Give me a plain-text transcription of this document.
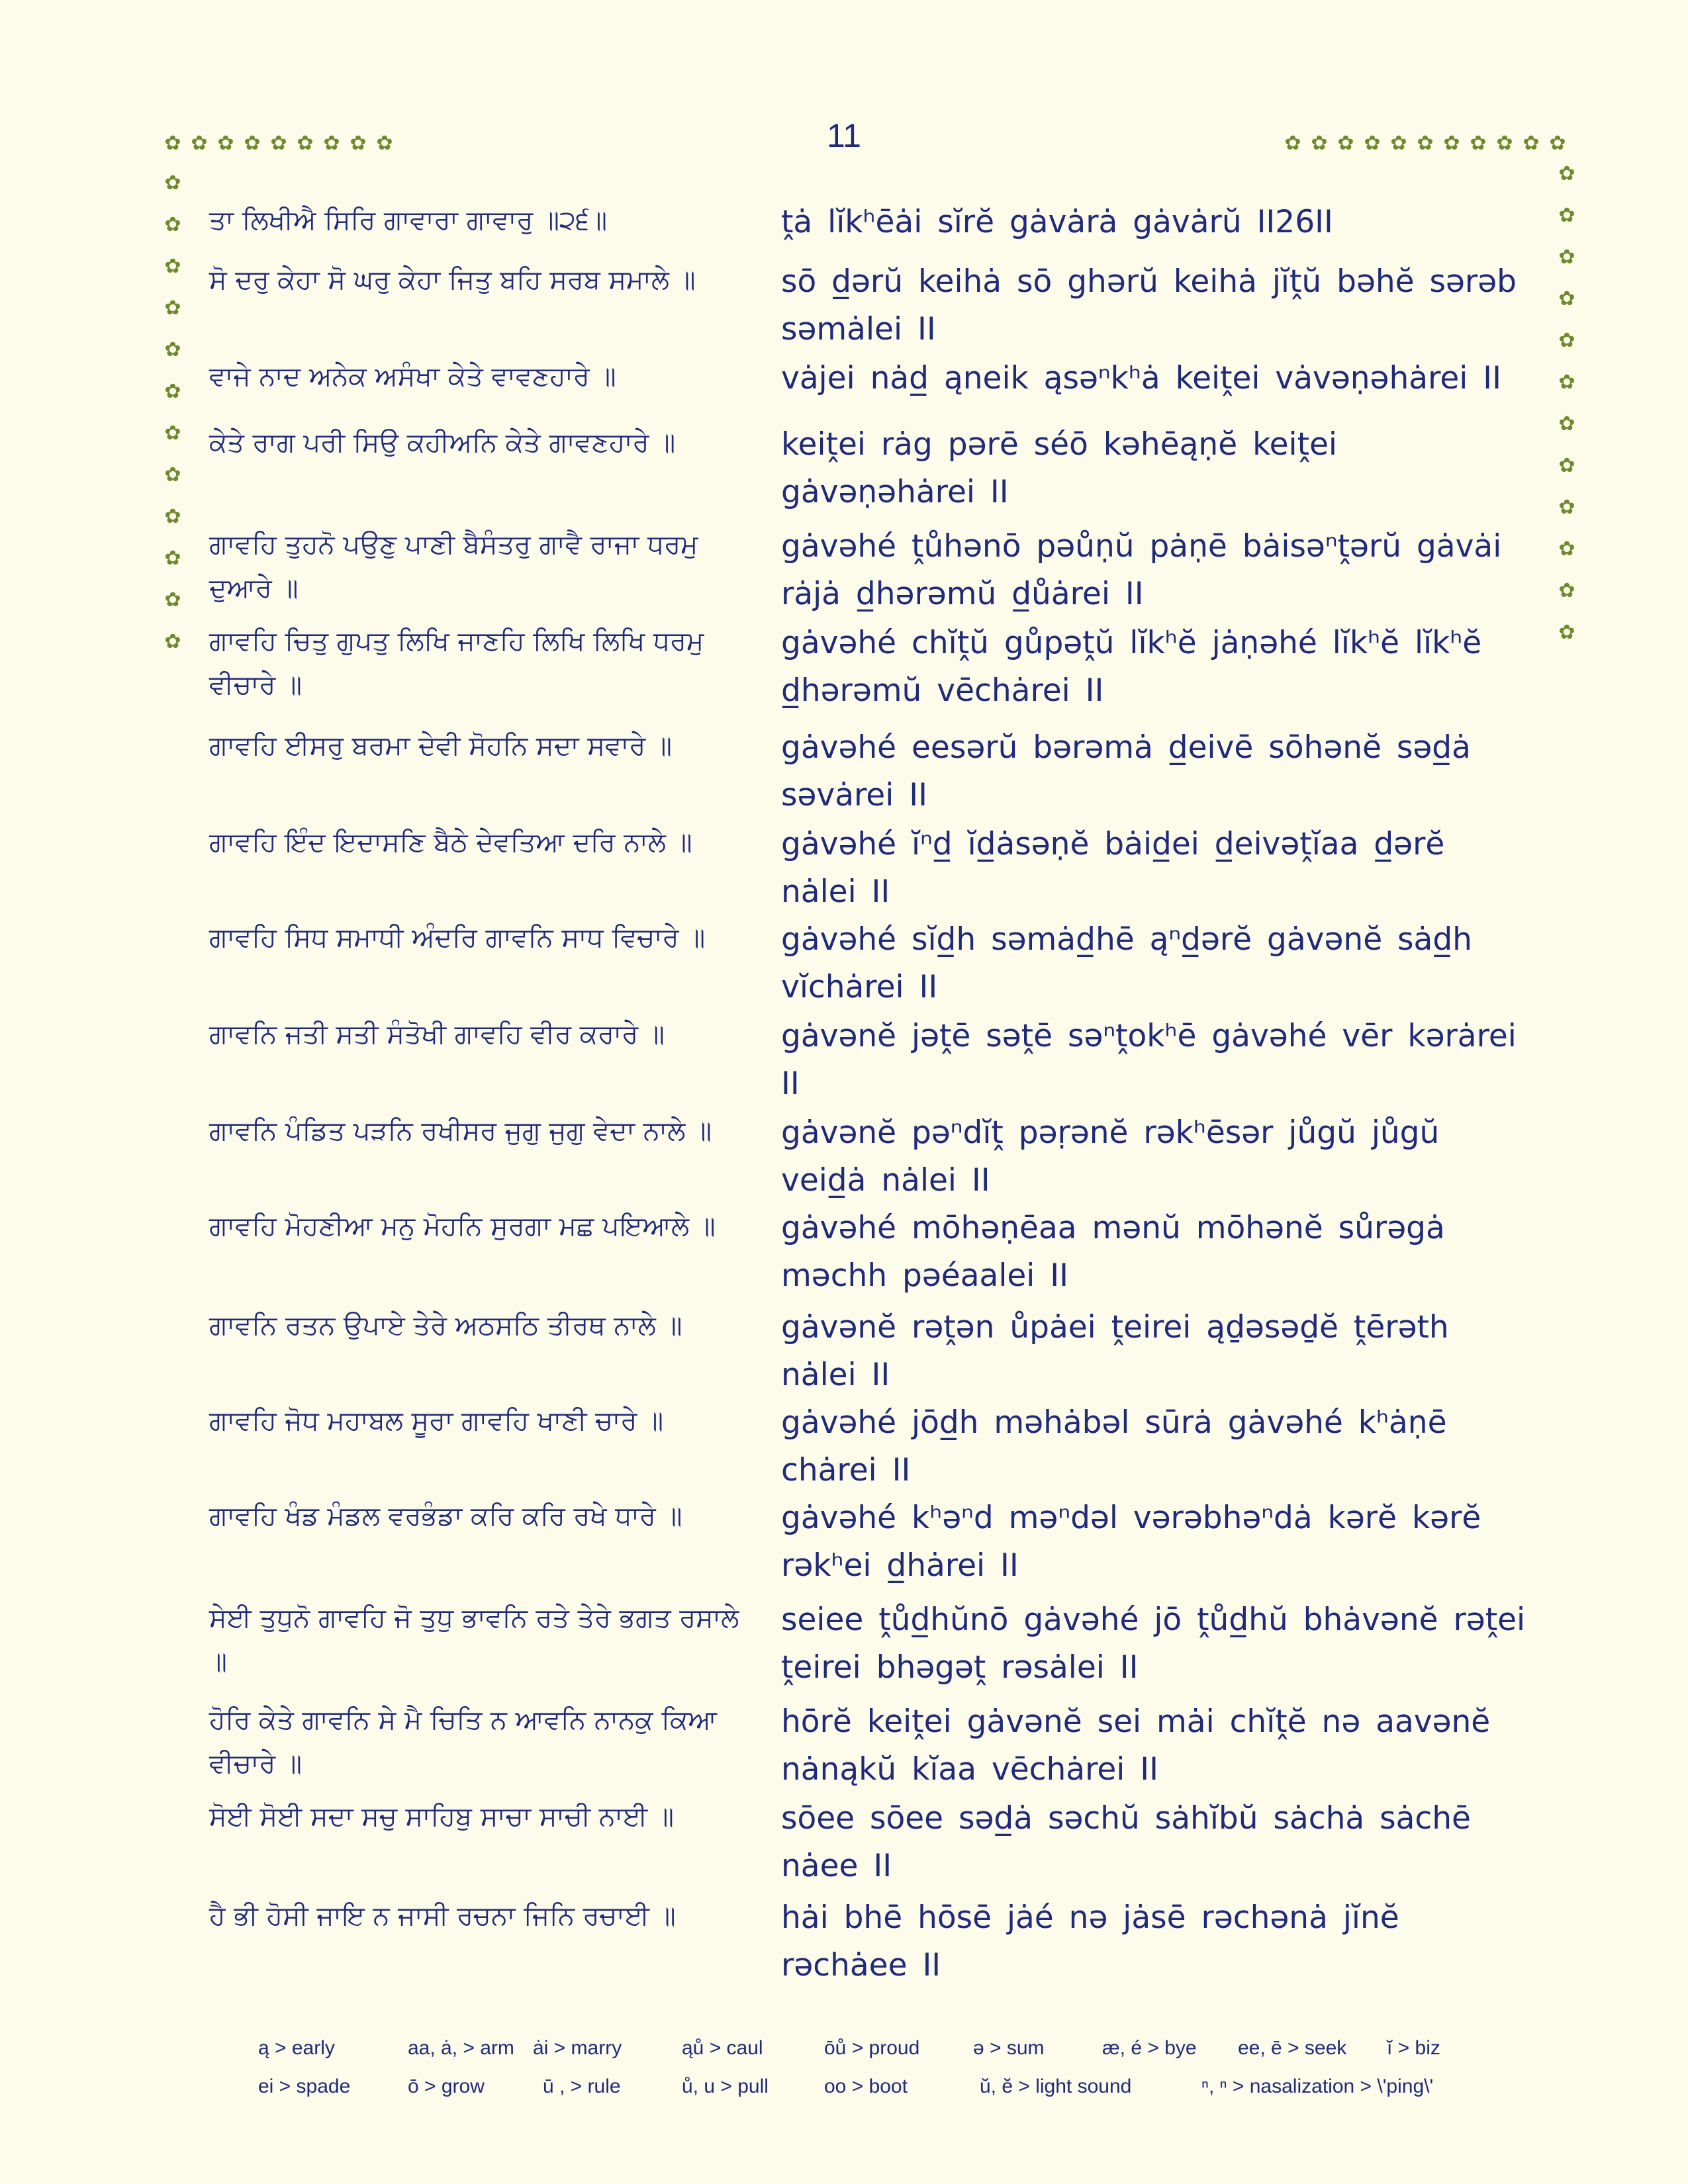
11
✿ ✿ ✿ ✿ ✿ ✿ ✿ ✿ ✿	✿ ✿ ✿ ✿ ✿ ✿ ✿ ✿ ✿ ✿ ✿
✿
✿
✿
✿
✿
✿
✿
✿
✿
✿
✿
✿
✿
✿
✿
✿
✿
✿
✿
✿
✿
✿
✿
✿
ਤਾ ਲਿਖੀਐ ਸਿਰਿ ਗਾਵਾਰਾ ਗਾਵਾਰੁ ॥੨੬॥	ṱȧ lĭkʰēȧi sĭrĕ gȧvȧrȧ gȧvȧrŭ II26II
ਸੋ ਦਰੁ ਕੇਹਾ ਸੋ ਘਰੁ ਕੇਹਾ ਜਿਤੁ ਬਹਿ ਸਰਬ ਸਮਾਲੇ ॥	sō d̲ərŭ keihȧ sō ghərŭ keihȧ jĭṱŭ bəhĕ sərəb səmȧlei II
ਵਾਜੇ ਨਾਦ ਅਨੇਕ ਅਸੰਖਾ ਕੇਤੇ ਵਾਵਣਹਾਰੇ ॥	vȧjei nȧd̲ ąneik ąsəⁿkʰȧ keiṱei vȧvəṇəhȧrei II
ਕੇਤੇ ਰਾਗ ਪਰੀ ਸਿਉ ਕਹੀਅਨਿ ਕੇਤੇ ਗਾਵਣਹਾਰੇ ॥	keiṱei rȧg pərē séō kəhēąṇĕ keiṱei gȧvəṇəhȧrei II
ਗਾਵਹਿ ਤੁਹਨੋ ਪਉਣੁ ਪਾਣੀ ਬੈਸੰਤਰੁ ਗਾਵੈ ਰਾਜਾ ਧਰਮੁ ਦੁਆਰੇ ॥
gȧvəhé ṱůhənō pəůṇŭ pȧṇē bȧisəⁿṱərŭ gȧvȧi rȧjȧ d̲hərəmŭ d̲ůȧrei II
ਗਾਵਹਿ ਚਿਤੁ ਗੁਪਤੁ ਲਿਖਿ ਜਾਣਹਿ ਲਿਖਿ ਲਿਖਿ ਧਰਮੁ ਵੀਚਾਰੇ ॥
gȧvəhé chĭṱŭ gůpəṱŭ lĭkʰĕ jȧṇəhé lĭkʰĕ lĭkʰĕ d̲hərəmŭ vēchȧrei II
ਗਾਵਹਿ ਈਸਰੁ ਬਰਮਾ ਦੇਵੀ ਸੋਹਨਿ ਸਦਾ ਸਵਾਰੇ ॥	gȧvəhé eesərŭ bərəmȧ d̲eivē sōhənĕ səd̲ȧ səvȧrei II
ਗਾਵਹਿ ਇੰਦ ਇਦਾਸਣਿ ਬੈਠੇ ਦੇਵਤਿਆ ਦਰਿ ਨਾਲੇ ॥	gȧvəhé ĭⁿd̲ ĭd̲ȧsəṇĕ bȧid̲ei d̲eivəṱĭaa d̲ərĕ nȧlei II
ਗਾਵਹਿ ਸਿਧ ਸਮਾਧੀ ਅੰਦਰਿ ਗਾਵਨਿ ਸਾਧ ਵਿਚਾਰੇ ॥	gȧvəhé sĭd̲h səmȧd̲hē ąⁿd̲ərĕ gȧvənĕ sȧd̲h vĭchȧrei II
ਗਾਵਨਿ ਜਤੀ ਸਤੀ ਸੰਤੋਖੀ ਗਾਵਹਿ ਵੀਰ ਕਰਾਰੇ ॥	gȧvənĕ jəṱē səṱē səⁿṱokʰē gȧvəhé vēr kərȧrei II
ਗਾਵਨਿ ਪੰਡਿਤ ਪੜਨਿ ਰਖੀਸਰ ਜੁਗੁ ਜੁਗੁ ਵੇਦਾ ਨਾਲੇ ॥	gȧvənĕ pəⁿdĭṱ pəṛənĕ rəkʰēsər jůgŭ jůgŭ veid̲ȧ nȧlei II
ਗਾਵਹਿ ਮੋਹਣੀਆ ਮਨੁ ਮੋਹਨਿ ਸੁਰਗਾ ਮਛ ਪਇਆਲੇ ॥	gȧvəhé mōhəṇēaa mənŭ mōhənĕ sůrəgȧ məchh pəéaalei II
ਗਾਵਨਿ ਰਤਨ ਉਪਾਏ ਤੇਰੇ ਅਠਸਠਿ ਤੀਰਥ ਨਾਲੇ ॥	gȧvənĕ rəṱən ůpȧei ṱeirei ąḏəsəḏĕ ṱērəth nȧlei II
ਗਾਵਹਿ ਜੋਧ ਮਹਾਬਲ ਸੂਰਾ ਗਾਵਹਿ ਖਾਣੀ ਚਾਰੇ ॥	gȧvəhé jōd̲h məhȧbəl sūrȧ gȧvəhé kʰȧṇē chȧrei II
ਗਾਵਹਿ ਖੰਡ ਮੰਡਲ ਵਰਭੰਡਾ ਕਰਿ ਕਰਿ ਰਖੇ ਧਾਰੇ ॥	gȧvəhé kʰəⁿd məⁿdəl vərəbhəⁿdȧ kərĕ kərĕ rəkʰei d̲hȧrei II
ਸੇਈ ਤੁਧੁਨੋ ਗਾਵਹਿ ਜੋ ਤੁਧੁ ਭਾਵਨਿ ਰਤੇ ਤੇਰੇ ਭਗਤ ਰਸਾਲੇ ॥
seiee ṱůd̲hŭnō gȧvəhé jō ṱůd̲hŭ bhȧvənĕ rəṱei ṱeirei bhəgəṱ rəsȧlei II
ਹੋਰਿ ਕੇਤੇ ਗਾਵਨਿ ਸੇ ਮੈ ਚਿਤਿ ਨ ਆਵਨਿ ਨਾਨਕੁ ਕਿਆ ਵੀਚਾਰੇ ॥
hōrĕ keiṱei gȧvənĕ sei mȧi chĭṱĕ nə aavənĕ nȧnąkŭ kĭaa vēchȧrei II
ਸੋਈ ਸੋਈ ਸਦਾ ਸਚੁ ਸਾਹਿਬੁ ਸਾਚਾ ਸਾਚੀ ਨਾਈ ॥	sōee sōee səd̲ȧ səchŭ sȧhĭbŭ sȧchȧ sȧchē nȧee II
ਹੈ ਭੀ ਹੋਸੀ ਜਾਇ ਨ ਜਾਸੀ ਰਚਨਾ ਜਿਨਿ ਰਚਾਈ ॥	hȧi bhē hōsē jȧé nə jȧsē rəchənȧ jĭnĕ rəchȧee II
ą > early	aa, ȧ, > arm ȧi > marry	ąů > caul	ōů > proud	ə > sum	æ, é > bye ee, ē > seek ĭ > biz
ei > spade	ō > grow	ū , > rule	ů, u > pull	oo > boot	ŭ, ĕ > light sound	ⁿ, ⁿ > nasalization > \'ping\'
